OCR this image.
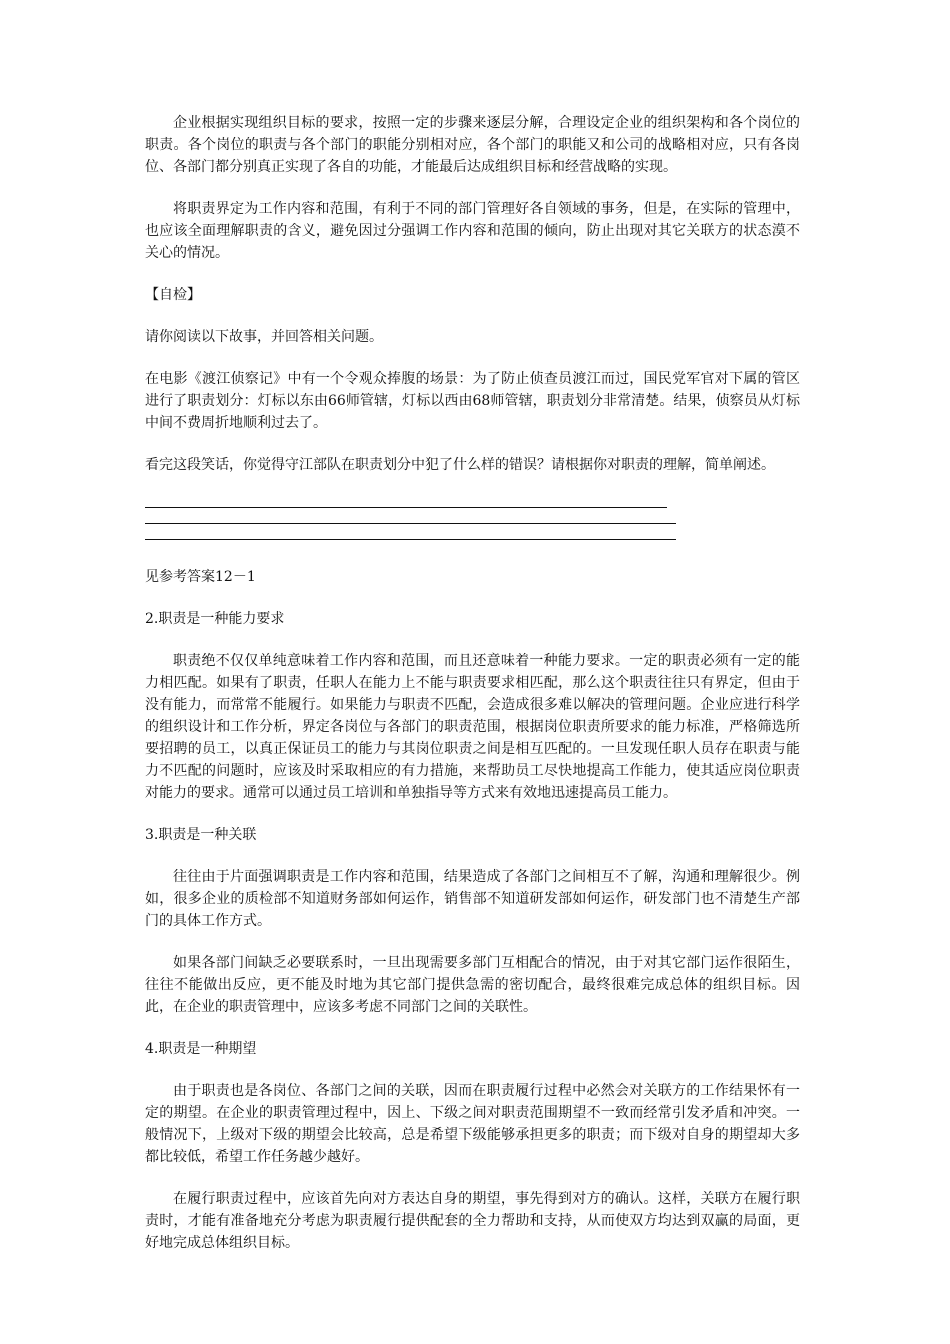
企业根据实现组织目标的要求，按照一定的步骤来逐层分解，合理设定企业的组织架构和各个岗位的职责。各个岗位的职责与各个部门的职能分别相对应，各个部门的职能又和公司的战略相对应，只有各岗位、各部门都分别真正实现了各自的功能，才能最后达成组织目标和经营战略的实现。

将职责界定为工作内容和范围，有利于不同的部门管理好各自领域的事务，但是，在实际的管理中，也应该全面理解职责的含义，避免因过分强调工作内容和范围的倾向，防止出现对其它关联方的状态漠不关心的情况。

【自检】

请你阅读以下故事，并回答相关问题。

在电影《渡江侦察记》中有一个令观众捧腹的场景：为了防止侦查员渡江而过，国民党军官对下属的管区进行了职责划分：灯标以东由66师管辖，灯标以西由68师管辖，职责划分非常清楚。结果，侦察员从灯标中间不费周折地顺利过去了。

看完这段笑话，你觉得守江部队在职责划分中犯了什么样的错误？请根据你对职责的理解，简单阐述。

见参考答案12－1

2.职责是一种能力要求

职责绝不仅仅单纯意味着工作内容和范围，而且还意味着一种能力要求。一定的职责必须有一定的能力相匹配。如果有了职责，任职人在能力上不能与职责要求相匹配，那么这个职责往往只有界定，但由于没有能力，而常常不能履行。如果能力与职责不匹配，会造成很多难以解决的管理问题。企业应进行科学的组织设计和工作分析，界定各岗位与各部门的职责范围，根据岗位职责所要求的能力标准，严格筛选所要招聘的员工，以真正保证员工的能力与其岗位职责之间是相互匹配的。一旦发现任职人员存在职责与能力不匹配的问题时，应该及时采取相应的有力措施，来帮助员工尽快地提高工作能力，使其适应岗位职责对能力的要求。通常可以通过员工培训和单独指导等方式来有效地迅速提高员工能力。

3.职责是一种关联

往往由于片面强调职责是工作内容和范围，结果造成了各部门之间相互不了解，沟通和理解很少。例如，很多企业的质检部不知道财务部如何运作，销售部不知道研发部如何运作，研发部门也不清楚生产部门的具体工作方式。

如果各部门间缺乏必要联系时，一旦出现需要多部门互相配合的情况，由于对其它部门运作很陌生，往往不能做出反应，更不能及时地为其它部门提供急需的密切配合，最终很难完成总体的组织目标。因此，在企业的职责管理中，应该多考虑不同部门之间的关联性。

4.职责是一种期望

由于职责也是各岗位、各部门之间的关联，因而在职责履行过程中必然会对关联方的工作结果怀有一定的期望。在企业的职责管理过程中，因上、下级之间对职责范围期望不一致而经常引发矛盾和冲突。一般情况下，上级对下级的期望会比较高，总是希望下级能够承担更多的职责；而下级对自身的期望却大多都比较低，希望工作任务越少越好。

在履行职责过程中，应该首先向对方表达自身的期望，事先得到对方的确认。这样，关联方在履行职责时，才能有准备地充分考虑为职责履行提供配套的全力帮助和支持，从而使双方均达到双赢的局面，更好地完成总体组织目标。
